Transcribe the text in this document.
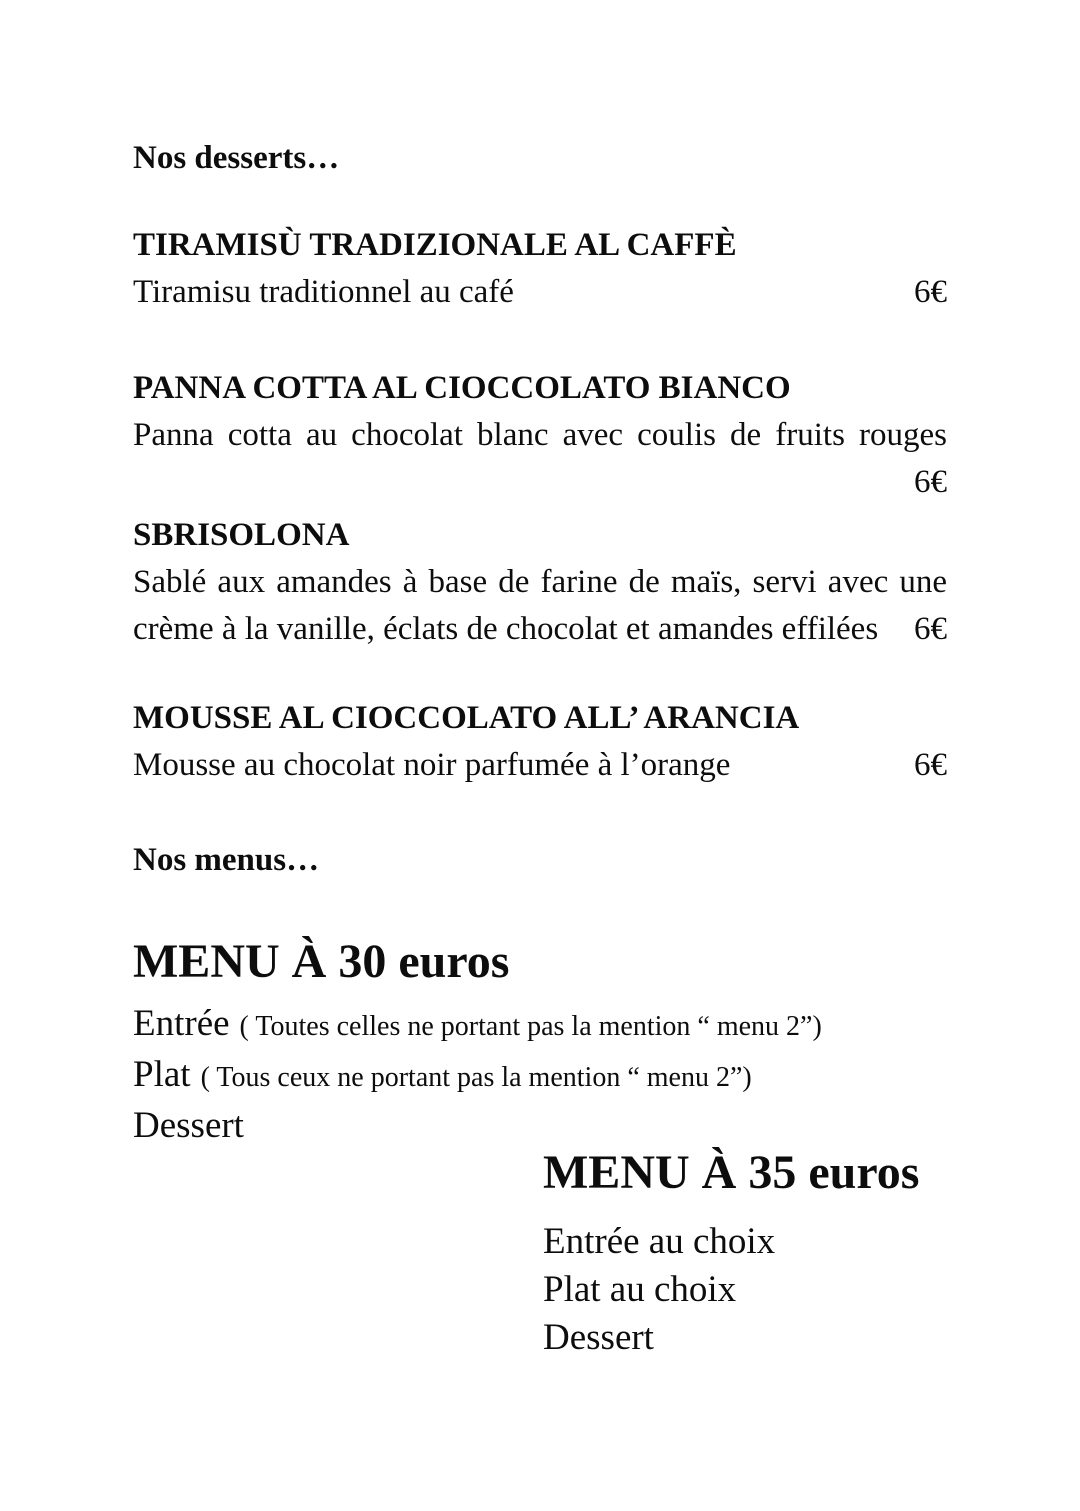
Nos desserts…
TIRAMISÙ TRADIZIONALE AL CAFFÈ
Tiramisu traditionnel au café	6€
PANNA COTTA AL CIOCCOLATO BIANCO
Panna cotta au chocolat blanc avec coulis de fruits rouges
6€
SBRISOLONA
Sablé aux amandes à base de farine de maïs, servi avec une
crème à la vanille, éclats de chocolat et amandes effilées 6€
MOUSSE AL CIOCCOLATO ALL’ ARANCIA
Mousse au chocolat noir parfumée à l’orange	6€
Nos menus…
MENU À 30 euros
Entrée ( Toutes celles ne portant pas la mention “ menu 2”)
Plat ( Tous ceux ne portant pas la mention “ menu 2”)
Dessert
MENU À 35 euros
Entrée au choix
Plat au choix
Dessert
